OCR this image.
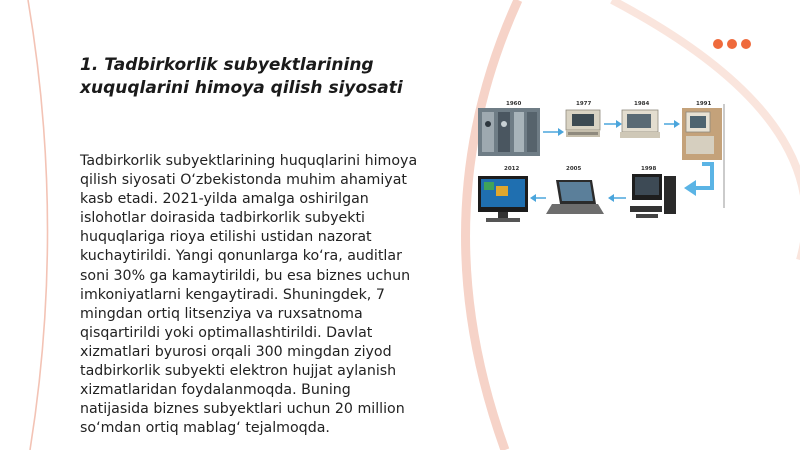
1. Tadbirkorlik subyektlarining
xuquqlarini himoya qilish siyosati
Tadbirkorlik subyektlarining huquqlarini himoya qilish siyosati O‘zbekistonda muhim ahamiyat kasb etadi. 2021-yilda amalga oshirilgan islohotlar doirasida tadbirkorlik subyekti huquqlariga rioya etilishi ustidan nazorat kuchaytirildi. Yangi qonunlarga ko‘ra, auditlar soni 30% ga kamaytirildi, bu esa biznes uchun imkoniyatlarni kengaytiradi. Shuningdek, 7 mingdan ortiq litsenziya va ruxsatnoma qisqartirildi yoki optimallashtirildi. Davlat xizmatlari byurosi orqali 300 mingdan ziyod tadbirkorlik subyekti elektron hujjat aylanish xizmatlaridan foydalanmoqda. Buning natijasida biznes subyektlari uchun 20 million so‘mdan ortiq mablag‘ tejalmoqda.
1960	1977	1984	1991
2012	2005	1998
